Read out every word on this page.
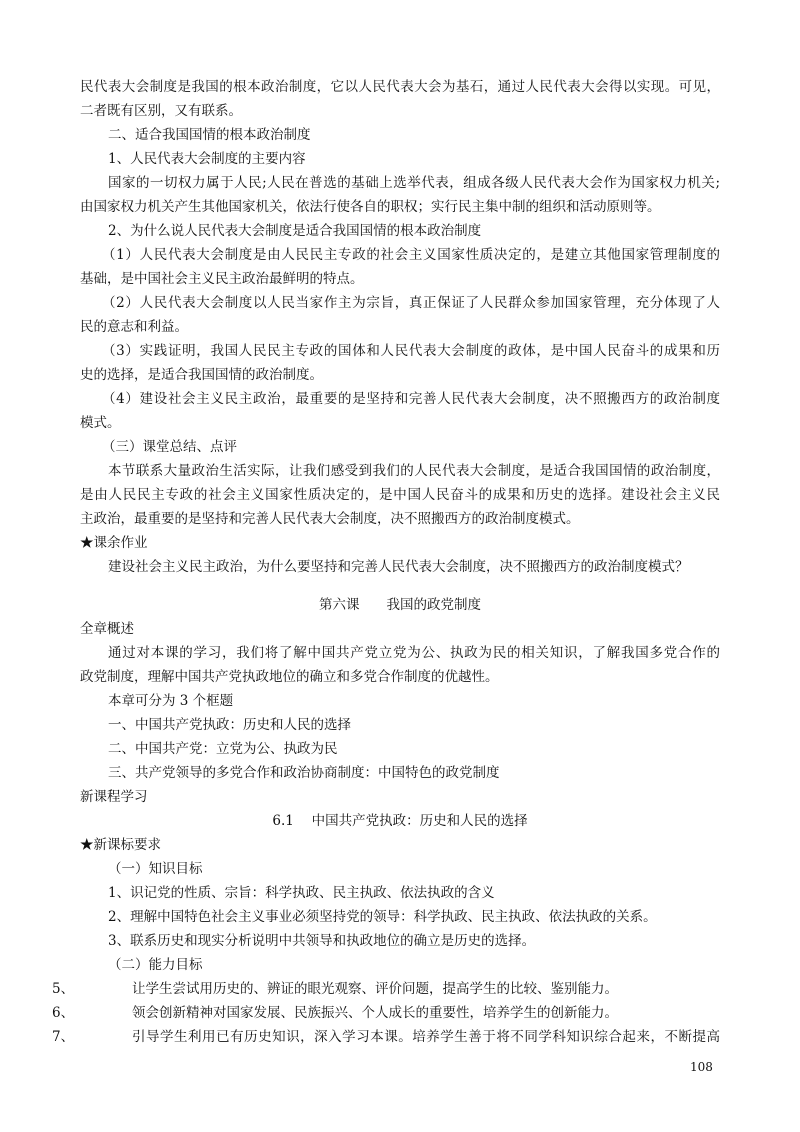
民代表大会制度是我国的根本政治制度，它以人民代表大会为基石，通过人民代表大会得以实现。可见，
二者既有区别，又有联系。
二、适合我国国情的根本政治制度
1、人民代表大会制度的主要内容
国家的一切权力属于人民;人民在普选的基础上选举代表，组成各级人民代表大会作为国家权力机关;
由国家权力机关产生其他国家机关，依法行使各自的职权；实行民主集中制的组织和活动原则等。
2、为什么说人民代表大会制度是适合我国国情的根本政治制度
（1）人民代表大会制度是由人民民主专政的社会主义国家性质决定的，是建立其他国家管理制度的
基础，是中国社会主义民主政治最鲜明的特点。
（2）人民代表大会制度以人民当家作主为宗旨，真正保证了人民群众参加国家管理，充分体现了人
民的意志和利益。
（3）实践证明，我国人民民主专政的国体和人民代表大会制度的政体，是中国人民奋斗的成果和历
史的选择，是适合我国国情的政治制度。
（4）建设社会主义民主政治，最重要的是坚持和完善人民代表大会制度，决不照搬西方的政治制度
模式。
（三）课堂总结、点评
本节联系大量政治生活实际，让我们感受到我们的人民代表大会制度，是适合我国国情的政治制度，
是由人民民主专政的社会主义国家性质决定的，是中国人民奋斗的成果和历史的选择。建设社会主义民
主政治，最重要的是坚持和完善人民代表大会制度，决不照搬西方的政治制度模式。
★课余作业
建设社会主义民主政治，为什么要坚持和完善人民代表大会制度，决不照搬西方的政治制度模式？
第六课　　我国的政党制度
全章概述
通过对本课的学习，我们将了解中国共产党立党为公、执政为民的相关知识，了解我国多党合作的
政党制度，理解中国共产党执政地位的确立和多党合作制度的优越性。
本章可分为 3 个框题
一、中国共产党执政：历史和人民的选择
二、中国共产党：立党为公、执政为民
三、共产党领导的多党合作和政治协商制度：中国特色的政党制度
新课程学习
6.1　 中国共产党执政：历史和人民的选择
★新课标要求
（一）知识目标
1、识记党的性质、宗旨：科学执政、民主执政、依法执政的含义
2、理解中国特色社会主义事业必须坚持党的领导：科学执政、民主执政、依法执政的关系。
3、联系历史和现实分析说明中共领导和执政地位的确立是历史的选择。
（二）能力目标
5、	让学生尝试用历史的、辨证的眼光观察、评价问题，提高学生的比较、鉴别能力。
6、	领会创新精神对国家发展、民族振兴、个人成长的重要性，培养学生的创新能力。
7、	引导学生利用已有历史知识，深入学习本课。培养学生善于将不同学科知识综合起来，不断提高
108
